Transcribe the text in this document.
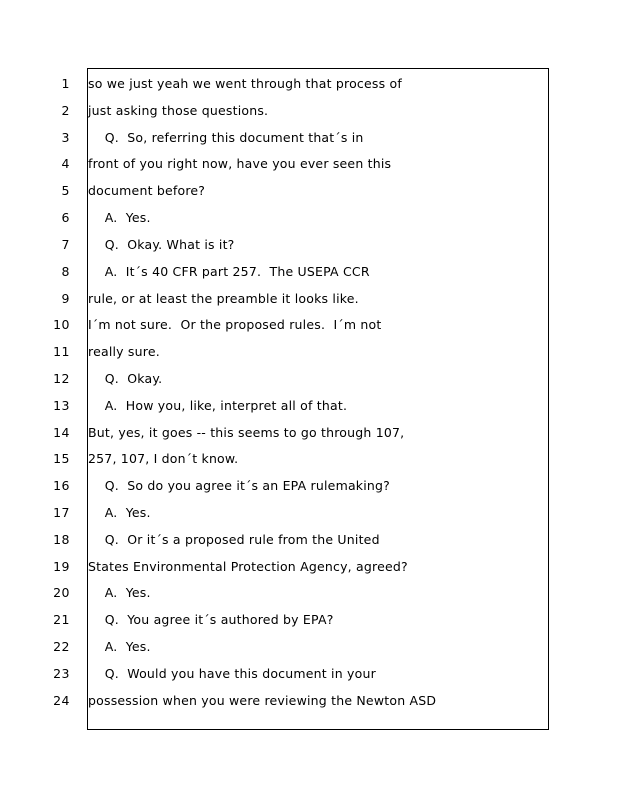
1 so we just yeah we went through that process of
2 just asking those questions.
3 Q.  So, referring this document that´s in
4 front of you right now, have you ever seen this
5 document before?
6 A.  Yes.
7 Q.  Okay. What is it?
8 A.  It´s 40 CFR part 257.  The USEPA CCR
9 rule, or at least the preamble it looks like.
10 I´m not sure.  Or the proposed rules.  I´m not
11 really sure.
12 Q.  Okay.
13 A.  How you, like, interpret all of that.
14 But, yes, it goes -- this seems to go through 107,
15 257, 107, I don´t know.
16 Q.  So do you agree it´s an EPA rulemaking?
17 A.  Yes.
18 Q.  Or it´s a proposed rule from the United
19 States Environmental Protection Agency, agreed?
20 A.  Yes.
21 Q.  You agree it´s authored by EPA?
22 A.  Yes.
23 Q.  Would you have this document in your
24 possession when you were reviewing the Newton ASD
